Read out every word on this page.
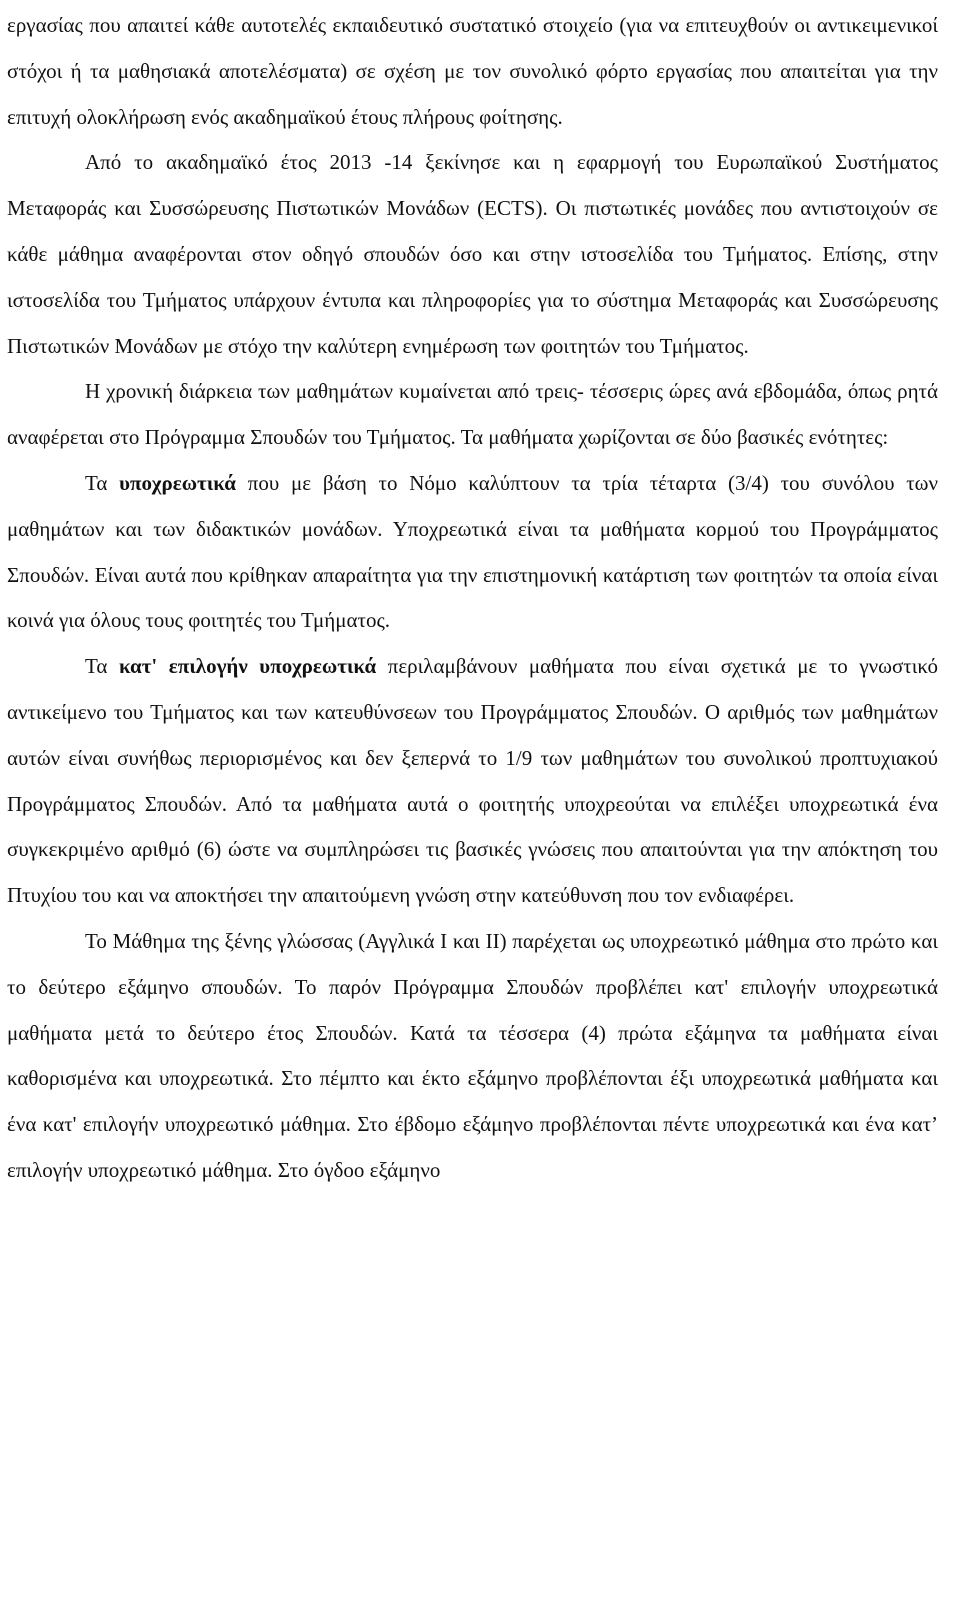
εργασίας που απαιτεί κάθε αυτοτελές εκπαιδευτικό συστατικό στοιχείο (για να επιτευχθούν οι αντικειμενικοί στόχοι ή τα μαθησιακά αποτελέσματα) σε σχέση με τον συνολικό φόρτο εργασίας που απαιτείται για την επιτυχή ολοκλήρωση ενός ακαδημαϊκού έτους πλήρους φοίτησης.

Από το ακαδημαϊκό έτος 2013 -14 ξεκίνησε και η εφαρμογή του Ευρωπαϊκού Συστήματος Μεταφοράς και Συσσώρευσης Πιστωτικών Μονάδων (ECTS). Οι πιστωτικές μονάδες που αντιστοιχούν σε κάθε μάθημα αναφέρονται στον οδηγό σπουδών όσο και στην ιστοσελίδα του Τμήματος. Επίσης, στην ιστοσελίδα του Τμήματος υπάρχουν έντυπα και πληροφορίες για το σύστημα Μεταφοράς και Συσσώρευσης Πιστωτικών Μονάδων με στόχο την καλύτερη ενημέρωση των φοιτητών του Τμήματος.

Η χρονική διάρκεια των μαθημάτων κυμαίνεται από τρεις- τέσσερις ώρες ανά εβδομάδα, όπως ρητά αναφέρεται στο Πρόγραμμα Σπουδών του Τμήματος. Τα μαθήματα χωρίζονται σε δύο βασικές ενότητες:

Τα υποχρεωτικά που με βάση το Νόμο καλύπτουν τα τρία τέταρτα (3/4) του συνόλου των μαθημάτων και των διδακτικών μονάδων. Υποχρεωτικά είναι τα μαθήματα κορμού του Προγράμματος Σπουδών. Είναι αυτά που κρίθηκαν απαραίτητα για την επιστημονική κατάρτιση των φοιτητών τα οποία είναι κοινά για όλους τους φοιτητές του Τμήματος.

Τα κατ' επιλογήν υποχρεωτικά περιλαμβάνουν μαθήματα που είναι σχετικά με το γνωστικό αντικείμενο του Τμήματος και των κατευθύνσεων του Προγράμματος Σπουδών. Ο αριθμός των μαθημάτων αυτών είναι συνήθως περιορισμένος και δεν ξεπερνά το 1/9 των μαθημάτων του συνολικού προπτυχιακού Προγράμματος Σπουδών. Από τα μαθήματα αυτά ο φοιτητής υποχρεούται να επιλέξει υποχρεωτικά ένα συγκεκριμένο αριθμό (6) ώστε να συμπληρώσει τις βασικές γνώσεις που απαιτούνται για την απόκτηση του Πτυχίου του και να αποκτήσει την απαιτούμενη γνώση στην κατεύθυνση που τον ενδιαφέρει.

Το Μάθημα της ξένης γλώσσας (Αγγλικά I και II) παρέχεται ως υποχρεωτικό μάθημα στο πρώτο και το δεύτερο εξάμηνο σπουδών. Το παρόν Πρόγραμμα Σπουδών προβλέπει κατ' επιλογήν υποχρεωτικά μαθήματα μετά το δεύτερο έτος Σπουδών. Κατά τα τέσσερα (4) πρώτα εξάμηνα τα μαθήματα είναι καθορισμένα και υποχρεωτικά. Στο πέμπτο και έκτο εξάμηνο προβλέπονται έξι υποχρεωτικά μαθήματα και ένα κατ' επιλογήν υποχρεωτικό μάθημα. Στο έβδομο εξάμηνο προβλέπονται πέντε υποχρεωτικά και ένα κατ’ επιλογήν υποχρεωτικό μάθημα. Στο όγδοο εξάμηνο
